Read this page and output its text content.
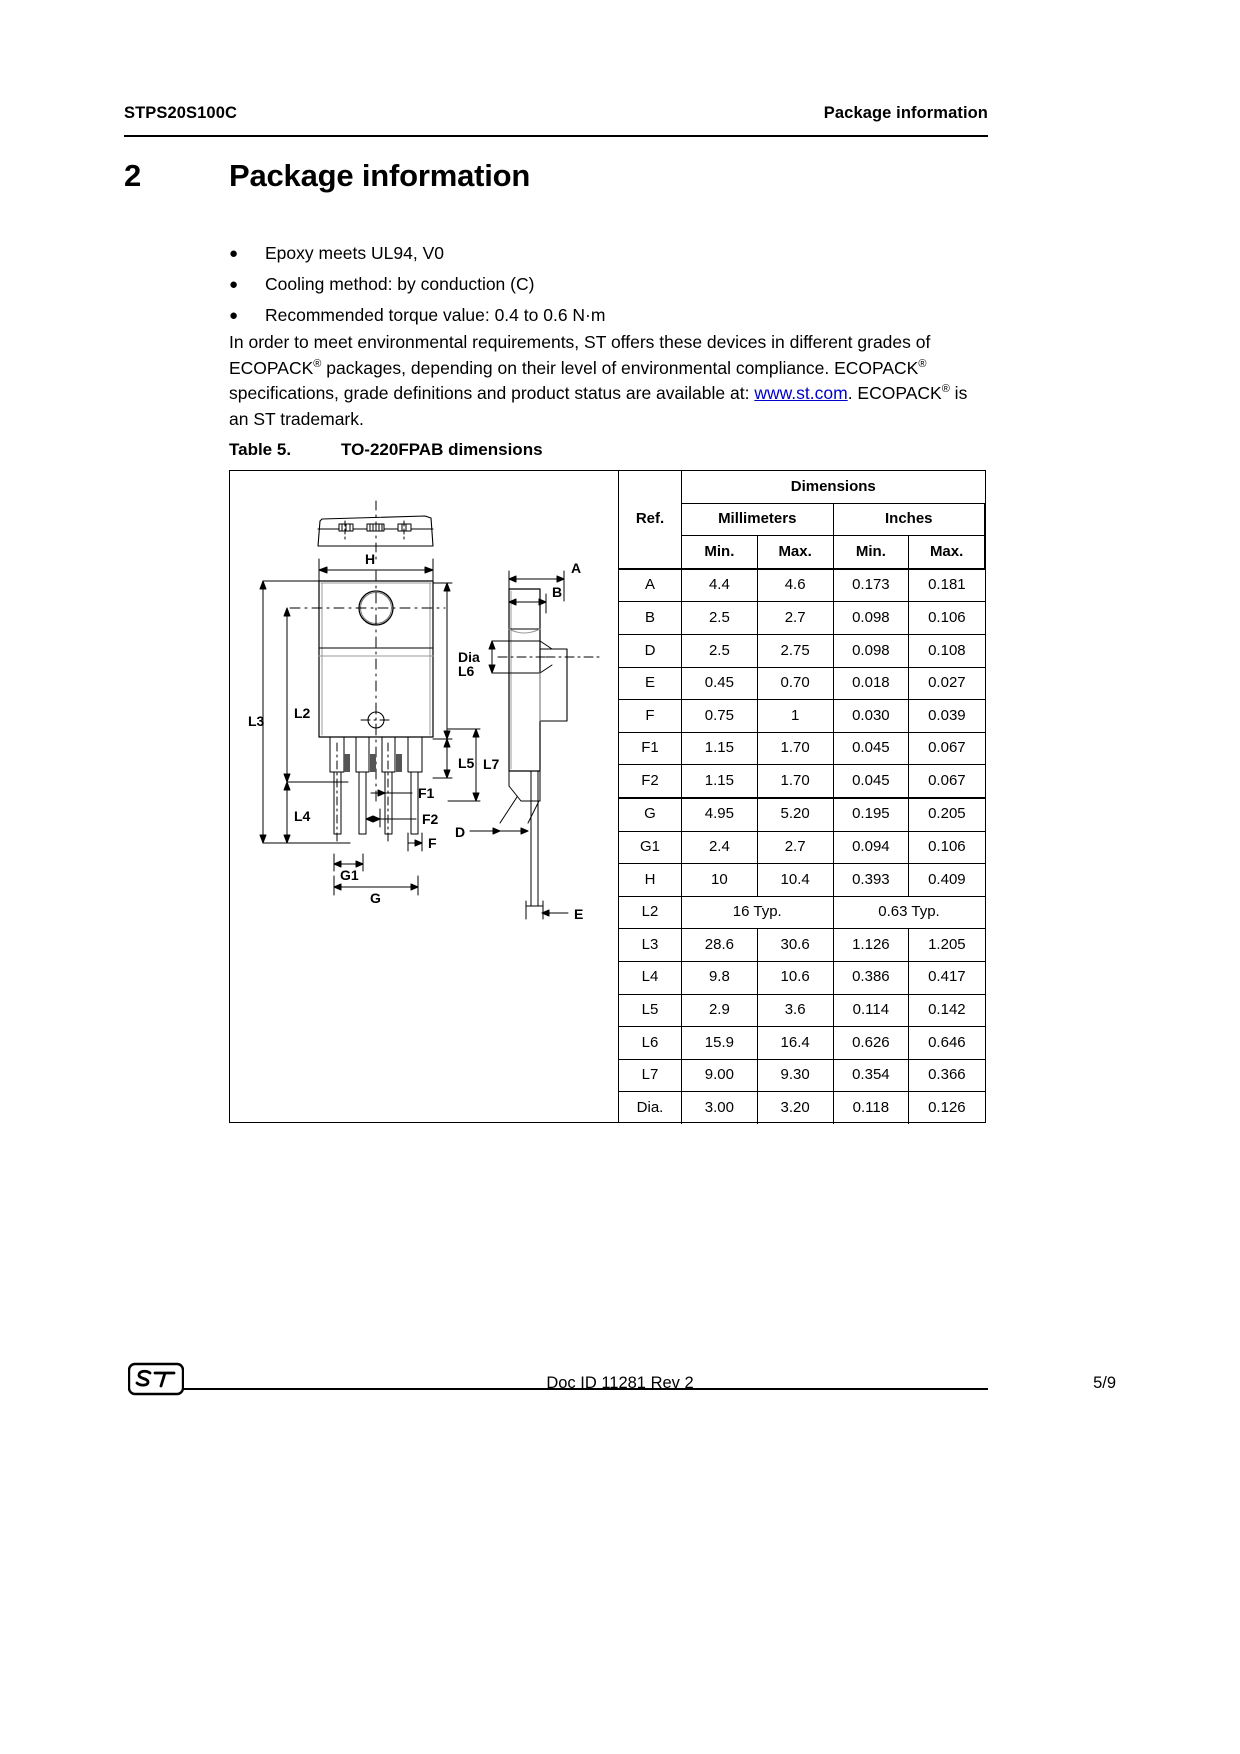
STPS20S100C	Package information
2	Package information
●	Epoxy meets UL94, V0
●	Cooling method: by conduction (C)
●	Recommended torque value: 0.4 to 0.6 N·m
In order to meet environmental requirements, ST offers these devices in different grades of ECOPACK® packages, depending on their level of environmental compliance. ECOPACK® specifications, grade definitions and product status are available at: www.st.com. ECOPACK® is an ST trademark.
Table 5.	TO-220FPAB dimensions
H
L6
L5
L2
L3
L4
F1
F2
F
G1
G
A
B
Dia
L7
D
E
Ref.	Dimensions			
	Millimeters		Inches	
	Min.	Max.	Min.	Max.
A	4.4	4.6	0.173	0.181
B	2.5	2.7	0.098	0.106
D	2.5	2.75	0.098	0.108
E	0.45	0.70	0.018	0.027
F	0.75	1	0.030	0.039
F1	1.15	1.70	0.045	0.067
F2	1.15	1.70	0.045	0.067
G	4.95	5.20	0.195	0.205
G1	2.4	2.7	0.094	0.106
H	10	10.4	0.393	0.409
L2	16 Typ.		0.63 Typ.	
L3	28.6	30.6	1.126	1.205
L4	9.8	10.6	0.386	0.417
L5	2.9	3.6	0.114	0.142
L6	15.9	16.4	0.626	0.646
L7	9.00	9.30	0.354	0.366
Dia.	3.00	3.20	0.118	0.126
Doc ID 11281 Rev 2	5/9
